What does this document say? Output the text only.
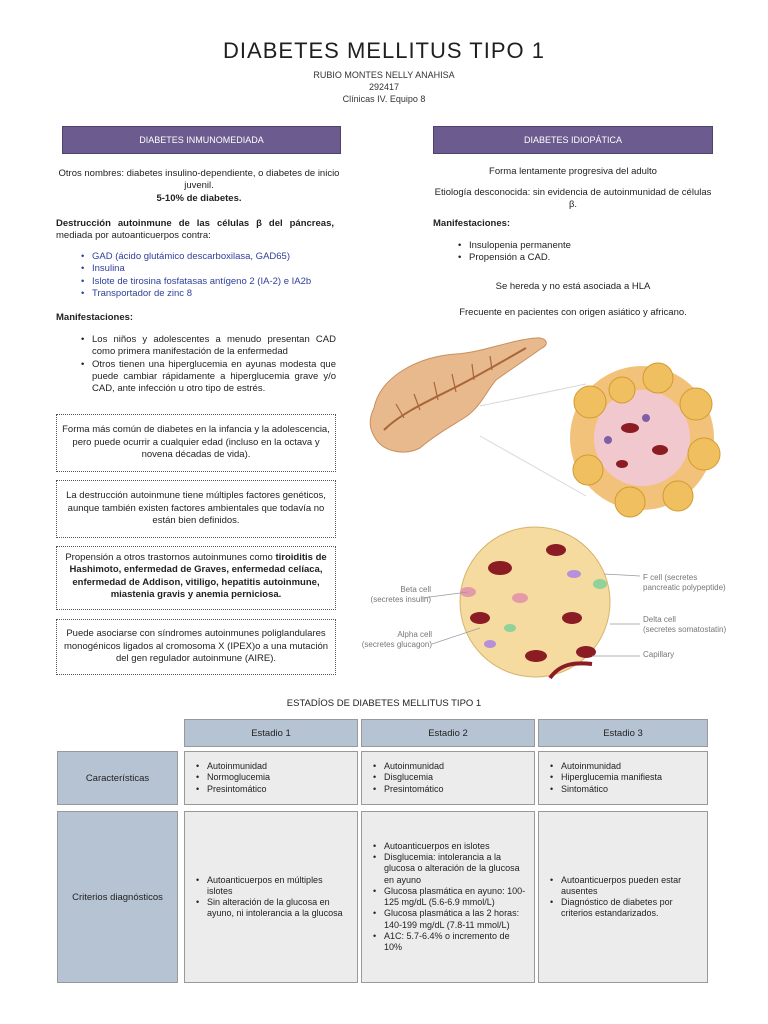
DIABETES MELLITUS TIPO 1
RUBIO MONTES NELLY ANAHISA
292417
Clínicas IV. Equipo 8
DIABETES INMUNOMEDIADA
Otros nombres: diabetes insulino-dependiente, o diabetes de inicio juvenil.
5-10% de diabetes.
Destrucción autoinmune de las células β del páncreas, mediada por autoanticuerpos contra:
• GAD (ácido glutámico descarboxilasa, GAD65)
• Insulina
• Islote de tirosina fosfatasas antígeno 2 (IA-2) e IA2b
• Transportador de zinc 8
Manifestaciones:
• Los niños y adolescentes a menudo presentan CAD como primera manifestación de la enfermedad
• Otros tienen una hiperglucemia en ayunas modesta que puede cambiar rápidamente a hiperglucemia grave y/o CAD, ante infección u otro tipo de estrés.
Forma más común de diabetes en la infancia y la adolescencia, pero puede ocurrir a cualquier edad (incluso en la octava y novena décadas de vida).
La destrucción autoinmune tiene múltiples factores genéticos, aunque también existen factores ambientales que todavía no están bien definidos.
Propensión a otros trastornos autoinmunes como tiroiditis de Hashimoto, enfermedad de Graves, enfermedad celíaca, enfermedad de Addison, vitiligo, hepatitis autoinmune, miastenia gravis y anemia perniciosa.
Puede asociarse con síndromes autoinmunes poliglandulares monogénicos ligados al cromosoma X (IPEX)o a una mutación del gen regulador autoinmune (AIRE).
DIABETES IDIOPÁTICA
Forma lentamente progresiva del adulto
Etiología desconocida: sin evidencia de autoinmunidad de células β.
Manifestaciones:
• Insulopenia permanente
• Propensión a CAD.
Se hereda y no está asociada a HLA
Frecuente en pacientes con origen asiático y africano.
Beta cell
(secretes insulin)
Alpha cell
(secretes glucagon)
F cell (secretes
pancreatic polypeptide)
Delta cell
(secretes somatostatin)
Capillary
ESTADÍOS DE DIABETES MELLITUS TIPO 1
Estadio 1	Estadio 2	Estadio 3
Características
• Autoinmunidad
• Normoglucemia
• Presintomático
• Autoinmunidad
• Disglucemia
• Presintomático
• Autoinmunidad
• Hiperglucemia manifiesta
• Sintomático
Criterios diagnósticos
• Autoanticuerpos en múltiples islotes
• Sin alteración de la glucosa en ayuno, ni intolerancia a la glucosa
• Autoanticuerpos en islotes
• Disglucemia: intolerancia a la glucosa o alteración de la glucosa en ayuno
• Glucosa plasmática en ayuno: 100-125 mg/dL (5.6-6.9 mmol/L)
• Glucosa plasmática a las 2 horas: 140-199 mg/dL (7.8-11 mmol/L)
• A1C: 5.7-6.4% o incremento de 10%
• Autoanticuerpos pueden estar ausentes
• Diagnóstico de diabetes por criterios estandarizados.
